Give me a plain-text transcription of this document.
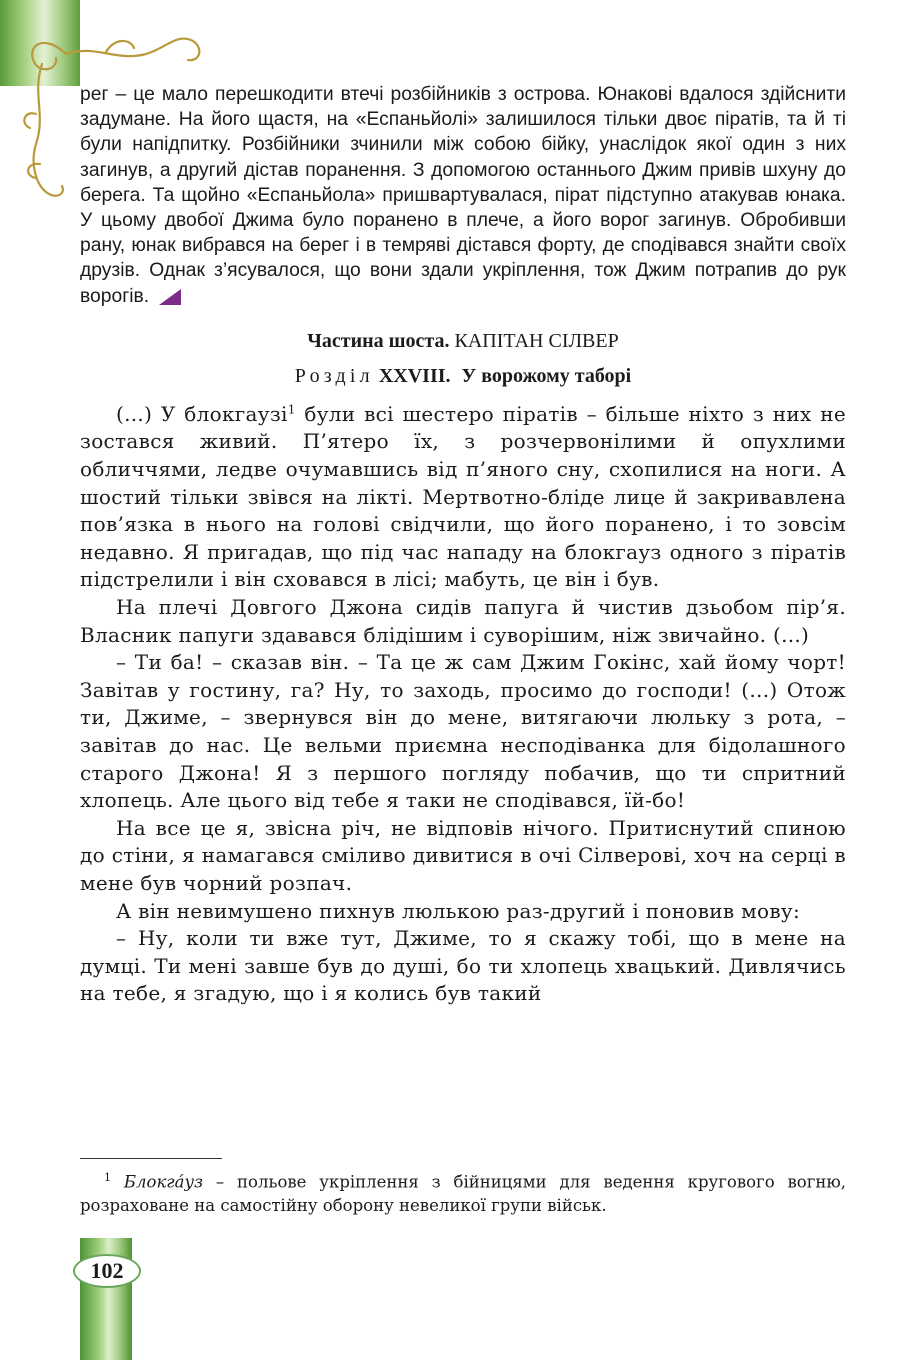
рег – це мало перешкодити втечі розбійників з острова. Юнакові вдалося здійснити задумане. На його щастя, на «Еспаньйолі» залишилося тільки двоє піратів, та й ті були напідпитку. Розбійники зчинили між собою бійку, унаслідок якої один з них загинув, а другий дістав поранення. З допомогою останнього Джим привів шхуну до берега. Та щойно «Еспаньйола» пришвартувалася, пірат підступно атакував юнака. У цьому двобої Джима було поранено в плече, а його ворог загинув. Обробивши рану, юнак вибрався на берег і в темряві дістався форту, де сподівався знайти своїх друзів. Однак з’ясувалося, що вони здали укріплення, тож Джим потрапив до рук ворогів.

Частина шоста. КАПІТАН СІЛВЕР
Розділ XXVIII. У ворожому таборі

(...) У блокгаузі$^1$ були всі шестеро піратів – більше ніхто з них не зостався живий. П’ятеро їх, з розчервонілими й опухлими обличчями, ледве очумавшись від п’яного сну, схопилися на ноги. А шостий тільки звівся на лікті. Мертвотно-бліде лице й закривавлена пов’язка в нього на голові свідчили, що його поранено, і то зовсім недавно. Я пригадав, що під час нападу на блокгауз одного з піратів підстрелили і він сховався в лісі; мабуть, це він і був.

На плечі Довгого Джона сидів папуга й чистив дзьобом пір’я. Власник папуги здавався блідішим і суворішим, ніж звичайно. (...)

– Ти ба! – сказав він. – Та це ж сам Джим Гокінс, хай йому чорт! Завітав у гостину, га? Ну, то заходь, просимо до господи! (...) Отож ти, Джиме, – звернувся він до мене, витягаючи люльку з рота, – завітав до нас. Це вельми приємна несподіванка для бідолашного старого Джона! Я з першого погляду побачив, що ти спритний хлопець. Але цього від тебе я таки не сподівався, їй-бо!

На все це я, звісна річ, не відповів нічого. Притиснутий спиною до стіни, я намагався сміливо дивитися в очі Сілверові, хоч на серці в мене був чорний розпач.

А він невимушено пихнув люлькою раз-другий і поновив мову:

– Ну, коли ти вже тут, Джиме, то я скажу тобі, що в мене на думці. Ти мені завше був до душі, бо ти хлопець хвацький. Дивлячись на тебе, я згадую, що і я колись був такий

$^1$ Блокга́уз – польове укріплення з бійницями для ведення кругового вогню, розраховане на самостійну оборону невеликої групи військ.

102
